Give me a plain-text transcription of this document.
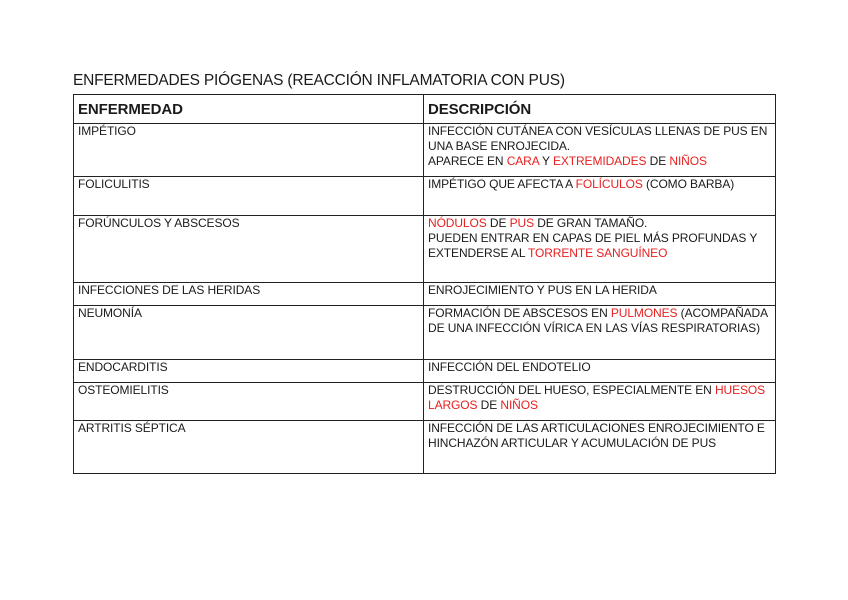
ENFERMEDADES PIÓGENAS (REACCIÓN INFLAMATORIA CON PUS)
ENFERMEDAD	DESCRIPCIÓN
IMPÉTIGO	INFECCIÓN CUTÁNEA CON VESÍCULAS LLENAS DE PUS EN UNA BASE ENROJECIDA.
APARECE EN CARA Y EXTREMIDADES DE NIÑOS

FOLICULITIS	IMPÉTIGO QUE AFECTA A FOLÍCULOS (COMO BARBA)

FORÚNCULOS Y ABSCESOS	NÓDULOS DE PUS DE GRAN TAMAÑO.
PUEDEN ENTRAR EN CAPAS DE PIEL MÁS PROFUNDAS Y EXTENDERSE AL TORRENTE SANGUÍNEO

INFECCIONES DE LAS HERIDAS	ENROJECIMIENTO Y PUS EN LA HERIDA

NEUMONÍA	FORMACIÓN DE ABSCESOS EN PULMONES (ACOMPAÑADA DE UNA INFECCIÓN VÍRICA EN LAS VÍAS RESPIRATORIAS)

ENDOCARDITIS	INFECCIÓN DEL ENDOTELIO

OSTEOMIELITIS	DESTRUCCIÓN DEL HUESO, ESPECIALMENTE EN HUESOS LARGOS DE NIÑOS

ARTRITIS SÉPTICA	INFECCIÓN DE LAS ARTICULACIONES ENROJECIMIENTO E HINCHAZÓN ARTICULAR Y ACUMULACIÓN DE PUS
